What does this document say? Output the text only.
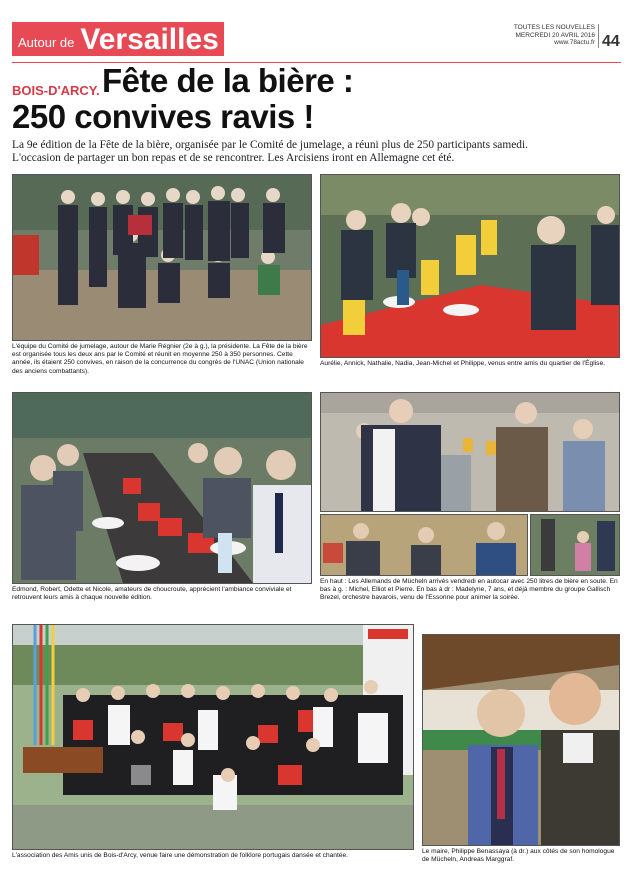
Autour de Versailles	TOUTES LES NOUVELLES
MERCREDI 20 AVRIL 2016
www.78actu.fr 44
BOIS-D'ARCY. Fête de la bière :
250 convives ravis !

La 9e édition de la Fête de la bière, organisée par le Comité de jumelage, a réuni plus de 250 participants samedi.

L'occasion de partager un bon repas et de se rencontrer. Les Arcisiens iront en Allemagne cet été.

L'équipe du Comité de jumelage, autour de Marie Régnier (2e à g.), la présidente. La Fête de la bière est organisée tous les deux ans par le Comité et réunit en moyenne 250 à 350 personnes. Cette année, ils étaient 250 convives, en raison de la concurrence du congrès de l'UNAC (Union nationale des anciens combattants).
Aurélie, Annick, Nathalie, Nadia, Jean-Michel et Philippe, venus entre amis du quartier de l'Église.
Edmond, Robert, Odette et Nicole, amateurs de choucroute, apprécient l'ambiance conviviale et retrouvent leurs amis à chaque nouvelle édition.
En haut : Les Allemands de Mücheln arrivés vendredi en autocar avec 250 litres de bière en soute. En bas à g. : Michel, Elliot et Pierre. En bas à dr : Madelyne, 7 ans, et déjà membre du groupe Gallisch Brezel, orchestre bavarois, venu de l'Essonne pour animer la soirée.
L'association des Amis unis de Bois-d'Arcy, venue faire une démonstration de folklore portugais dansée et chantée.
Le maire, Philippe Benassaya (à dr.) aux côtés de son homologue de Mücheln, Andreas Marggraf.
